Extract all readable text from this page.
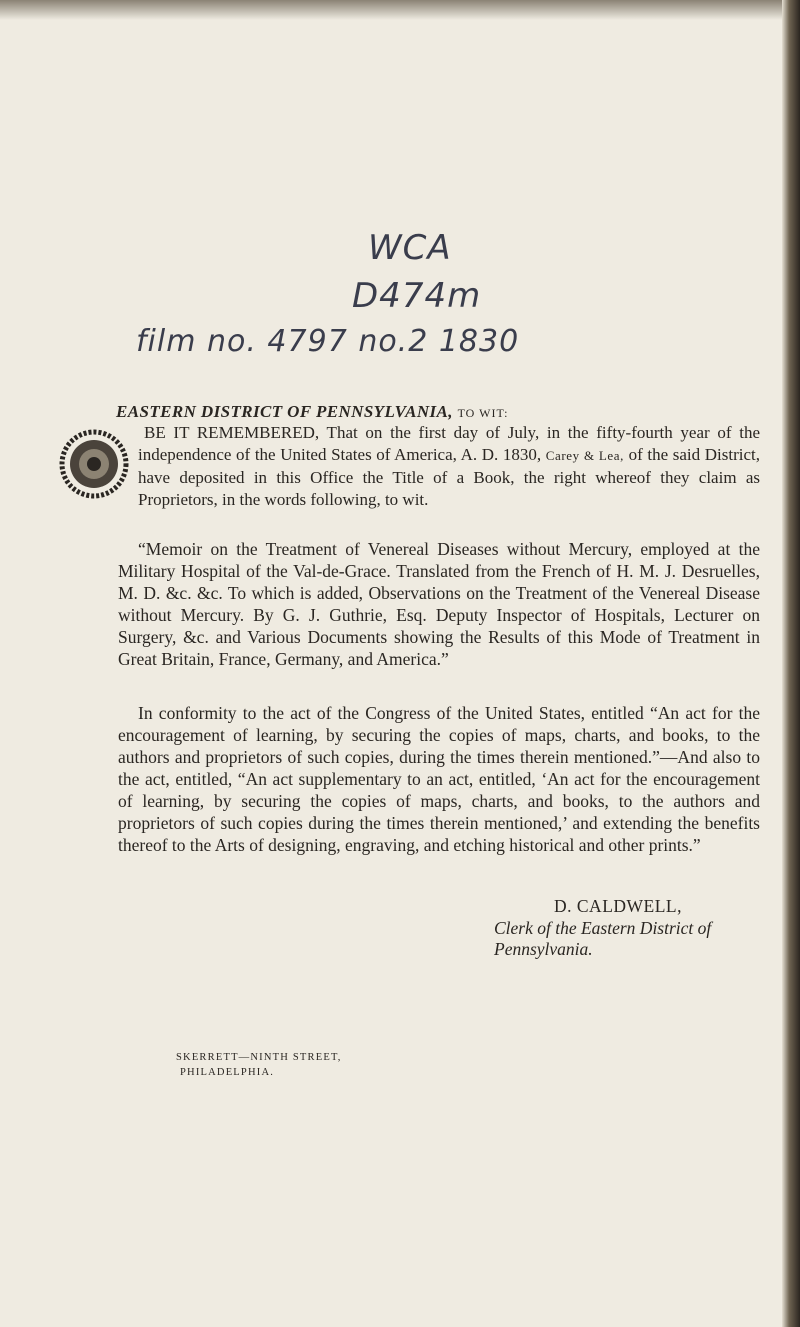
WCA
D474m
film no. 4797 no.2 1830
EASTERN DISTRICT OF PENNSYLVANIA, TO WIT:

BE IT REMEMBERED, That on the first day of July, in the fifty-fourth year of the independence of the United States of America, A. D. 1830, Carey & Lea, of the said District, have deposited in this Office the Title of a Book, the right whereof they claim as Proprietors, in the words following, to wit.

“Memoir on the Treatment of Venereal Diseases without Mercury, employed at the Military Hospital of the Val-de-Grace. Translated from the French of H. M. J. Desruelles, M. D. &c. &c. To which is added, Observations on the Treatment of the Venereal Disease without Mercury. By G. J. Guthrie, Esq. Deputy Inspector of Hospitals, Lecturer on Surgery, &c. and Various Documents showing the Results of this Mode of Treatment in Great Britain, France, Germany, and America.”

In conformity to the act of the Congress of the United States, entitled “An act for the encouragement of learning, by securing the copies of maps, charts, and books, to the authors and proprietors of such copies, during the times therein mentioned.”—And also to the act, entitled, “An act supplementary to an act, entitled, ‘An act for the encouragement of learning, by securing the copies of maps, charts, and books, to the authors and proprietors of such copies during the times therein mentioned,’ and extending the benefits thereof to the Arts of designing, engraving, and etching historical and other prints.”

D. CALDWELL,
Clerk of the Eastern District of Pennsylvania.
SKERRETT—NINTH STREET,
PHILADELPHIA.
